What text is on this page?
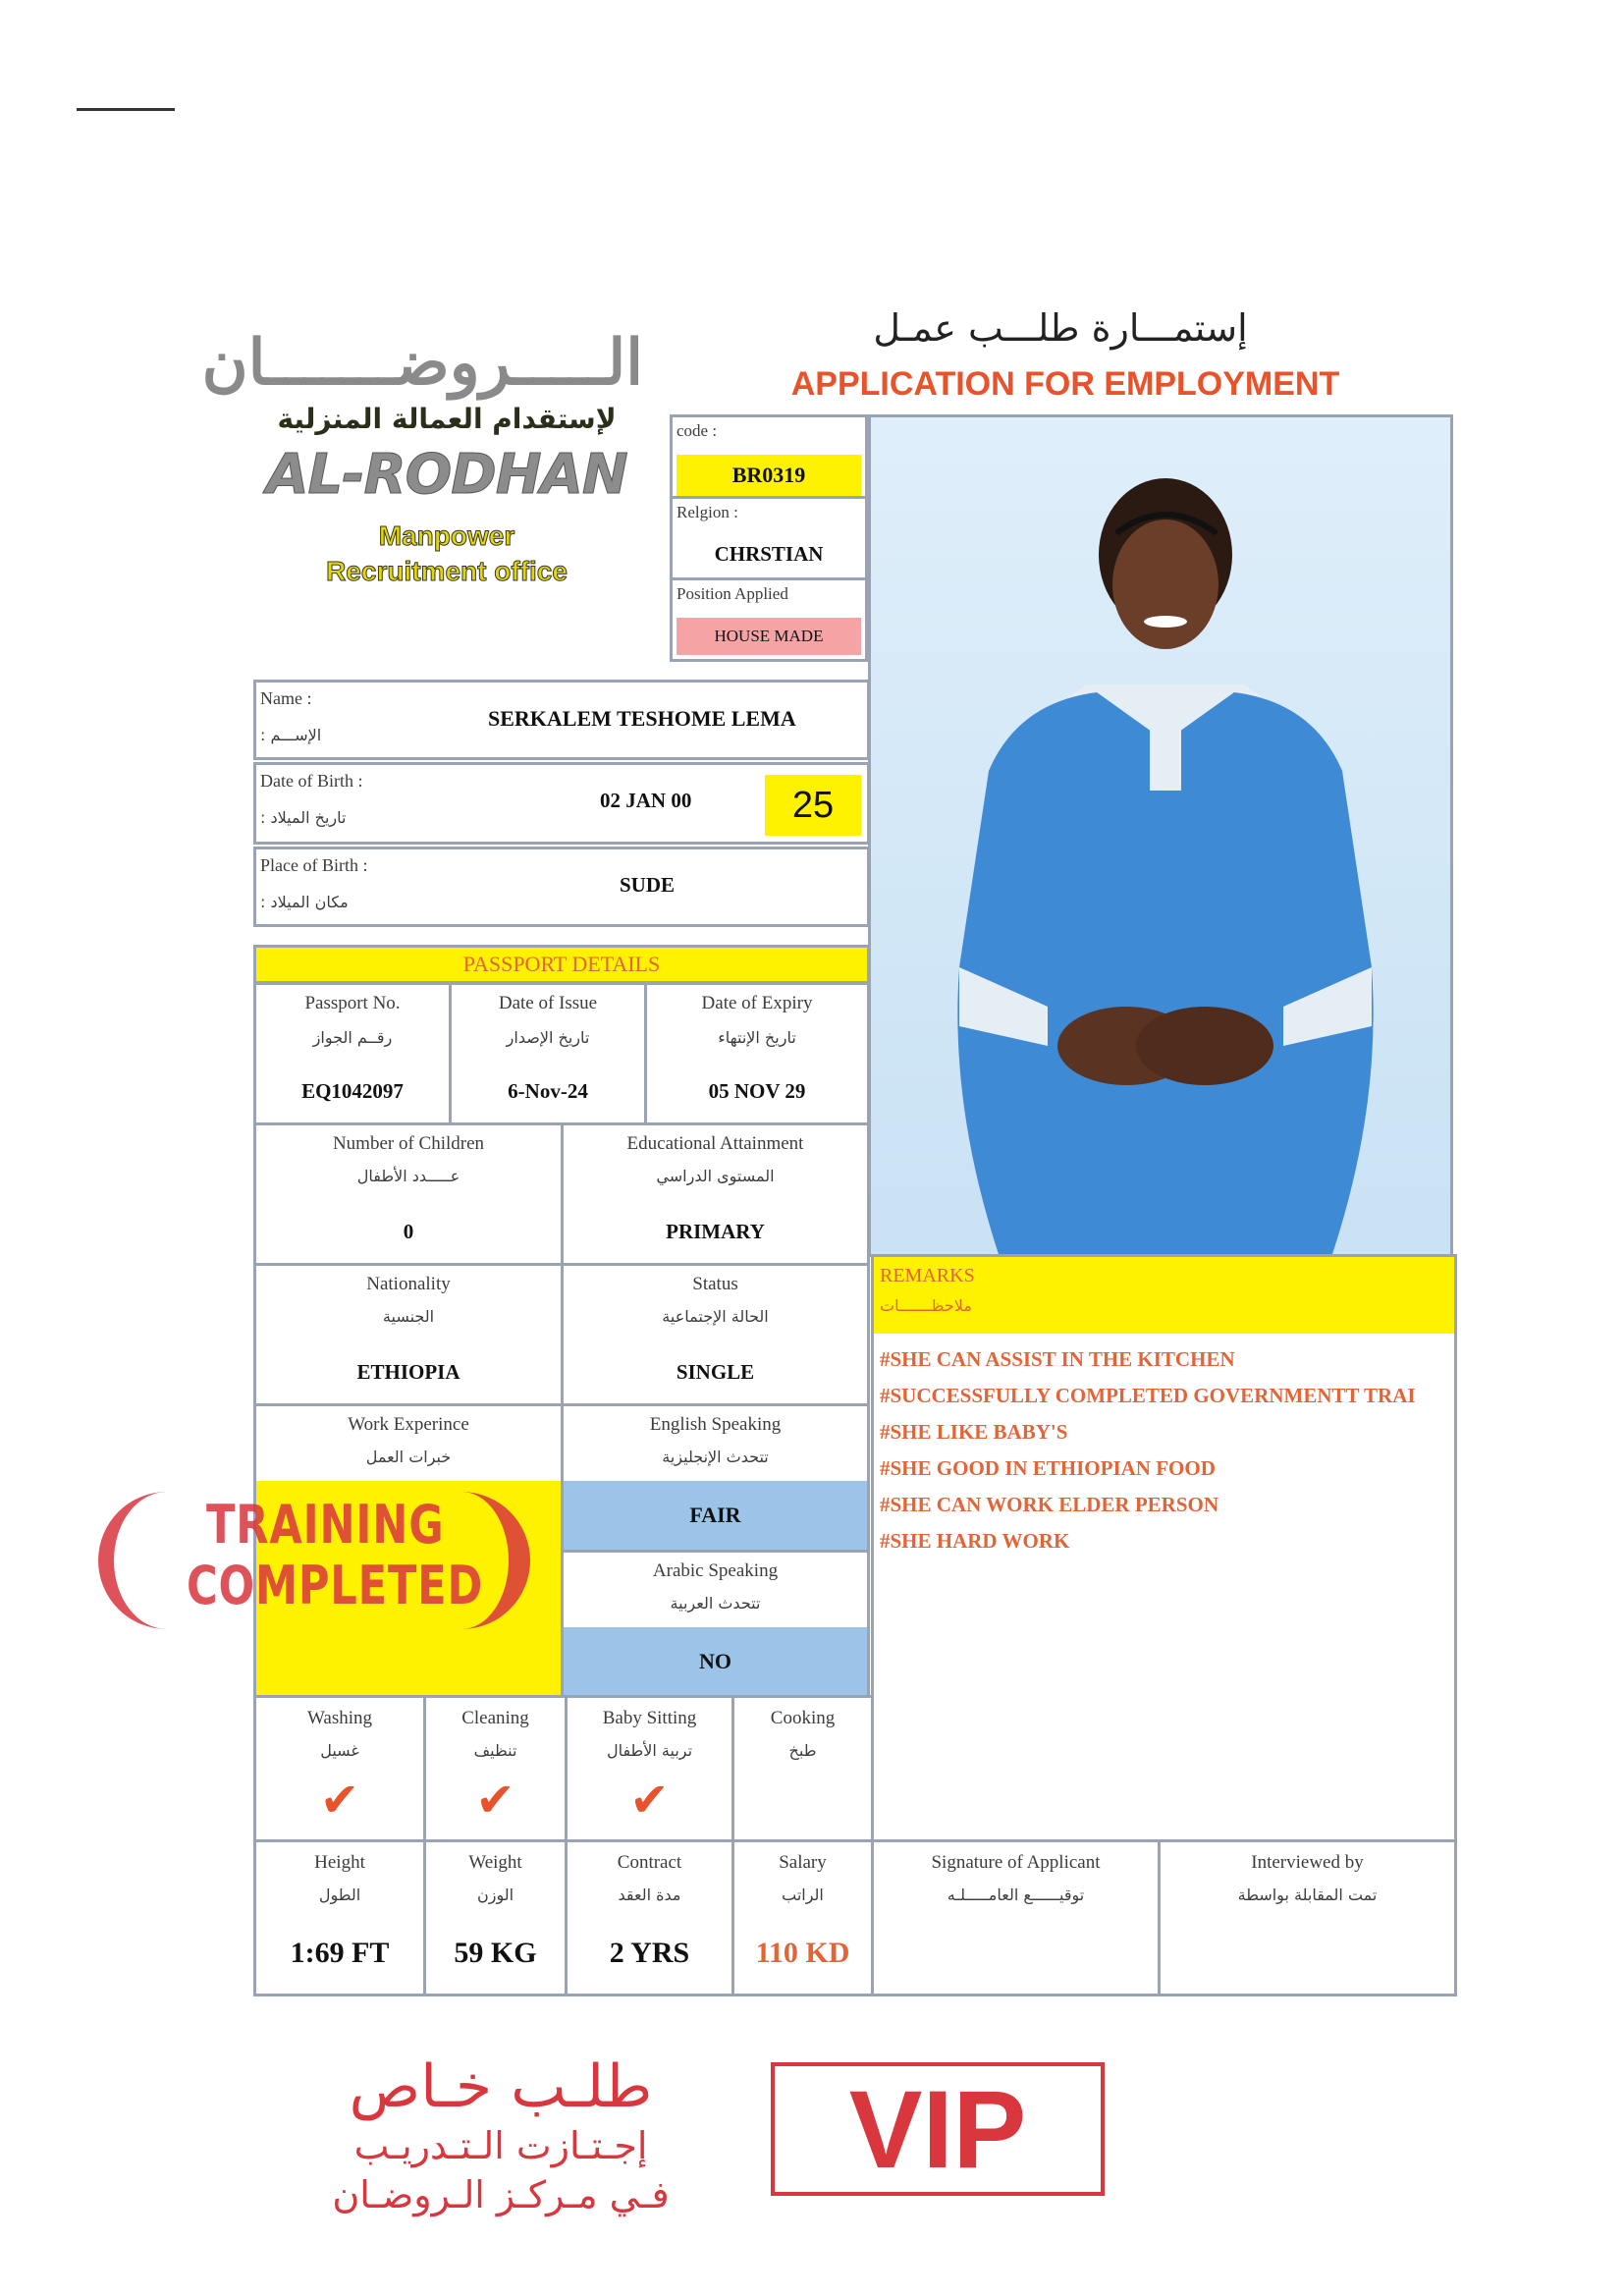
إستمـــارة طلـــب عمـل
APPLICATION FOR EMPLOYMENT
الـــــروضـــــــان
لإستقدام العمالة المنزلية
AL-RODHAN
Manpower
Recruitment office
code :
BR0319
Relgion :
CHRSTIAN
Position Applied
HOUSE MADE
Name :
الإســـم :
SERKALEM TESHOME LEMA
Date of Birth :
تاريخ الميلاد :
02 JAN 00	25
Place of Birth :
مكان الميلاد :
SUDE
PASSPORT DETAILS
Passport No.
رقــم الجواز
EQ1042097
Date of Issue
تاريخ الإصدار
6-Nov-24
Date of Expiry
تاريخ الإنتهاء
05 NOV 29
Number of Children
عـــــدد الأطفال
0
Educational Attainment
المستوى الدراسي
PRIMARY
Nationality
الجنسية
ETHIOPIA
Status
الحالة الإجتماعية
SINGLE
Work Experince
خبرات العمل
English Speaking
تتحدث الإنجليزية
FAIR
Arabic Speaking
تتحدث العربية
NO
Washing
غسيل
✔
Cleaning
تنظيف
✔
Baby Sitting
تربية الأطفال
✔
Cooking
طبخ
Height
الطول
1:69 FT
Weight
الوزن
59 KG
Contract
مدة العقد
2 YRS
Salary
الراتب
110 KD
Signature of Applicant
توقيــــــع العامـــــلـه
Interviewed by
تمت المقابلة بواسطة
REMARKS
ملاحظـــــــات
#SHE CAN ASSIST IN THE KITCHEN
#SUCCESSFULLY COMPLETED GOVERNMENTT TRAI
#SHE LIKE BABY'S
#SHE GOOD IN ETHIOPIAN FOOD
#SHE CAN WORK ELDER PERSON
#SHE HARD WORK
TRAINING
COMPLETED
طلـب خـاص
إجـتـازت الـتـدريـب
فـي مـركـز الـروضـان
VIP
